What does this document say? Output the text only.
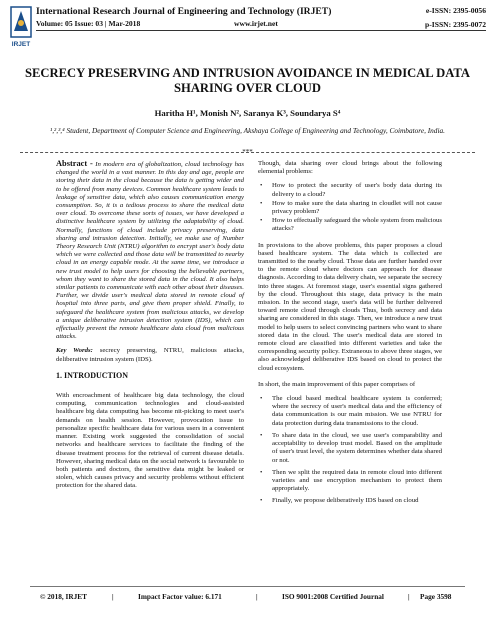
IRJET
International Research Journal of Engineering and Technology (IRJET)
Volume: 05 Issue: 03 | Mar-2018	www.irjet.net
e-ISSN: 2395-0056
p-ISSN: 2395-0072
SECRECY PRESERVING AND INTRUSION AVOIDANCE IN MEDICAL DATA SHARING OVER CLOUD
Haritha H¹, Monish N², Saranya K³, Soundarya S⁴
¹,²,³,⁴ Student, Department of Computer Science and Engineering, Akshaya College of Engineering and Technology, Coimbatore, India.
***
Abstract - In modern era of globalization, cloud technology has changed the world in a vast manner. In this day and age, people are storing their data in the cloud because the data is getting wider and to be offered from many devices. Common healthcare system leads to leakage of sensitive data, which also causes communication energy consumption. So, it is a tedious process to share the medical data over cloud. To overcome these sorts of issues, we have developed a distinctive healthcare system by utilizing the adaptability of cloud. Normally, functions of cloud include privacy preserving, data sharing and intrusion detection. Initially, we make use of Number Theory Research Unit (NTRU) algorithm to encrypt user's body data which we were collected and those data will be transmitted to nearby cloud in an energy capable mode. At the same time, we introduce a new trust model to help users for choosing the believable partners, whom they want to share the stored data in the cloud. It also helps similar patients to communicate with each other about their diseases. Further, we divide user's medical data stored in remote cloud of hospital into three parts, and give them proper shield. Finally, to safeguard the healthcare system from malicious attacks, we develop a unique deliberative intrusion detection system (IDS), which can effectually prevent the remote healthcare data cloud from malicious attacks.
Key Words: secrecy preserving, NTRU, malicious attacks, deliberative intrusion system (IDS).
1. INTRODUCTION
With encroachment of healthcare big data technology, the cloud computing, communication technologies and cloud-assisted healthcare big data computing has become nit-picking to meet user's demands on health session. However, provocation issue to personalize specific healthcare data for various users in a convenient manner. Existing work suggested the consolidation of social networks and healthcare services to facilitate the finding of the disease treatment process for the retrieval of current disease details. However, sharing medical data on the social network is favourable to both patients and doctors, the sensitive data might be leaked or stolen, which causes privacy and security problems without efficient protection for the shared data.
Though, data sharing over cloud brings about the following elemental problems:
• How to protect the security of user's body data during its delivery to a cloud?
• How to make sure the data sharing in cloudlet will not cause privacy problem?
• How to effectually safeguard the whole system from malicious attacks?
In provisions to the above problems, this paper proposes a cloud based healthcare system. The data which is collected are transmitted to the nearby cloud. Those data are further handed over to the remote cloud where doctors can approach for disease diagnosis. According to data delivery chain, we separate the secrecy into three stages. At foremost stage, user's essential signs gathered by the cloud. Throughout this stage, data privacy is the main mission. In the second stage, user's data will be further delivered toward remote cloud through clouds Thus, both secrecy and data sharing are considered in this stage. Then, we introduce a new trust model to help users to select convincing partners who want to share stored data in the cloud. The user's medical data are stored in remote cloud are classified into different varieties and take the corresponding security policy. Extraneous to above three stages, we also acknowledged deliberative IDS based on cloud to protect the cloud ecosystem.
In short, the main improvement of this paper comprises of
• The cloud based medical healthcare system is conferred; where the secrecy of user's medical data and the efficiency of data communication is our main mission. We use NTRU for data protection during data transmissions to the cloud.
• To share data in the cloud, we use user's comparability and acceptability to develop trust model. Based on the amplitude of user's trust level, the system determines whether data shared or not.
• Then we split the required data in remote cloud into different varieties and use encryption mechanism to protect them appropriately.
• Finally, we propose deliberatively IDS based on cloud
© 2018, IRJET	|	Impact Factor value: 6.171	|	ISO 9001:2008 Certified Journal	| Page 3598
